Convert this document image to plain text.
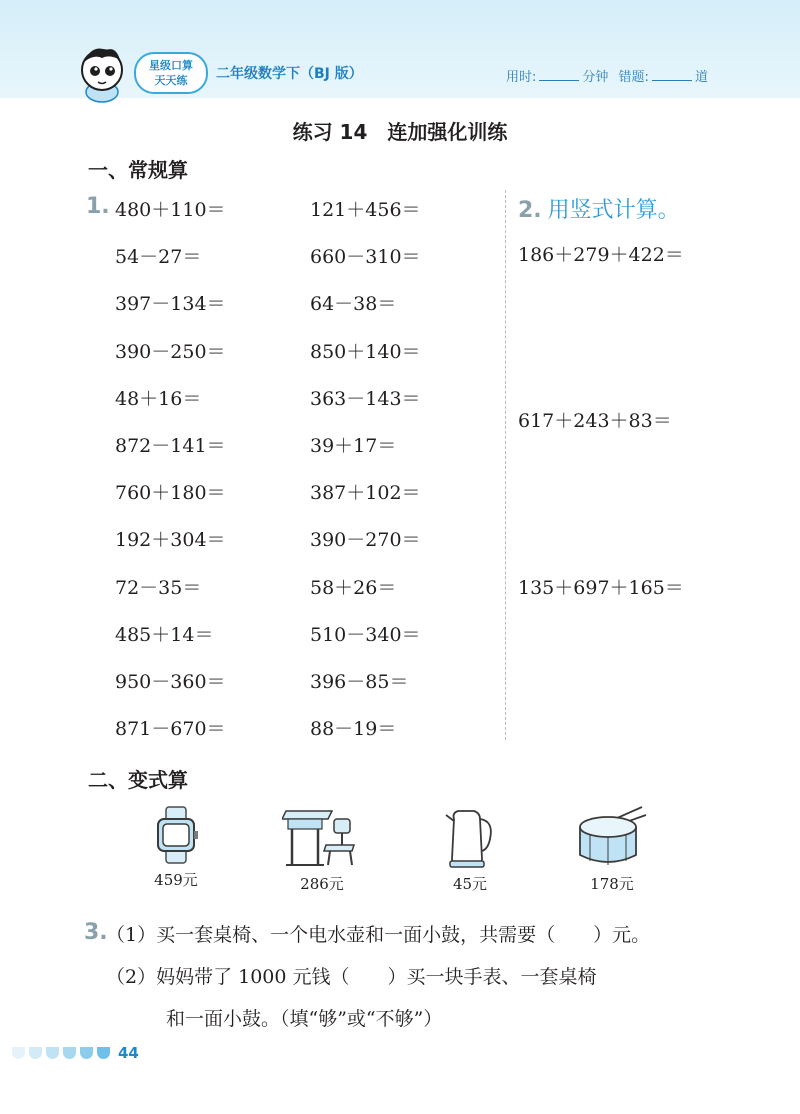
星级口算
天天练	二年级数学下（BJ 版）	用时:	分钟 错题:	道
练习 14　连加强化训练
一、常规算
1. 480＋110＝
54－27＝
397－134＝
390－250＝
48＋16＝
872－141＝
760＋180＝
192＋304＝
72－35＝
485＋14＝
950－360＝
871－670＝
121＋456＝
660－310＝
64－38＝
850＋140＝
363－143＝
39＋17＝
387＋102＝
390－270＝
58＋26＝
510－340＝
396－85＝
88－19＝
2. 用竖式计算。
186＋279＋422＝
617＋243＋83＝
135＋697＋165＝
二、变式算
459元	286元	45元	178元
3.
（1）买一套桌椅、一个电水壶和一面小鼓，共需要（　　）元。
（2）妈妈带了 1000 元钱（　　）买一块手表、一套桌椅
和一面小鼓。（填“够”或“不够”）
44
